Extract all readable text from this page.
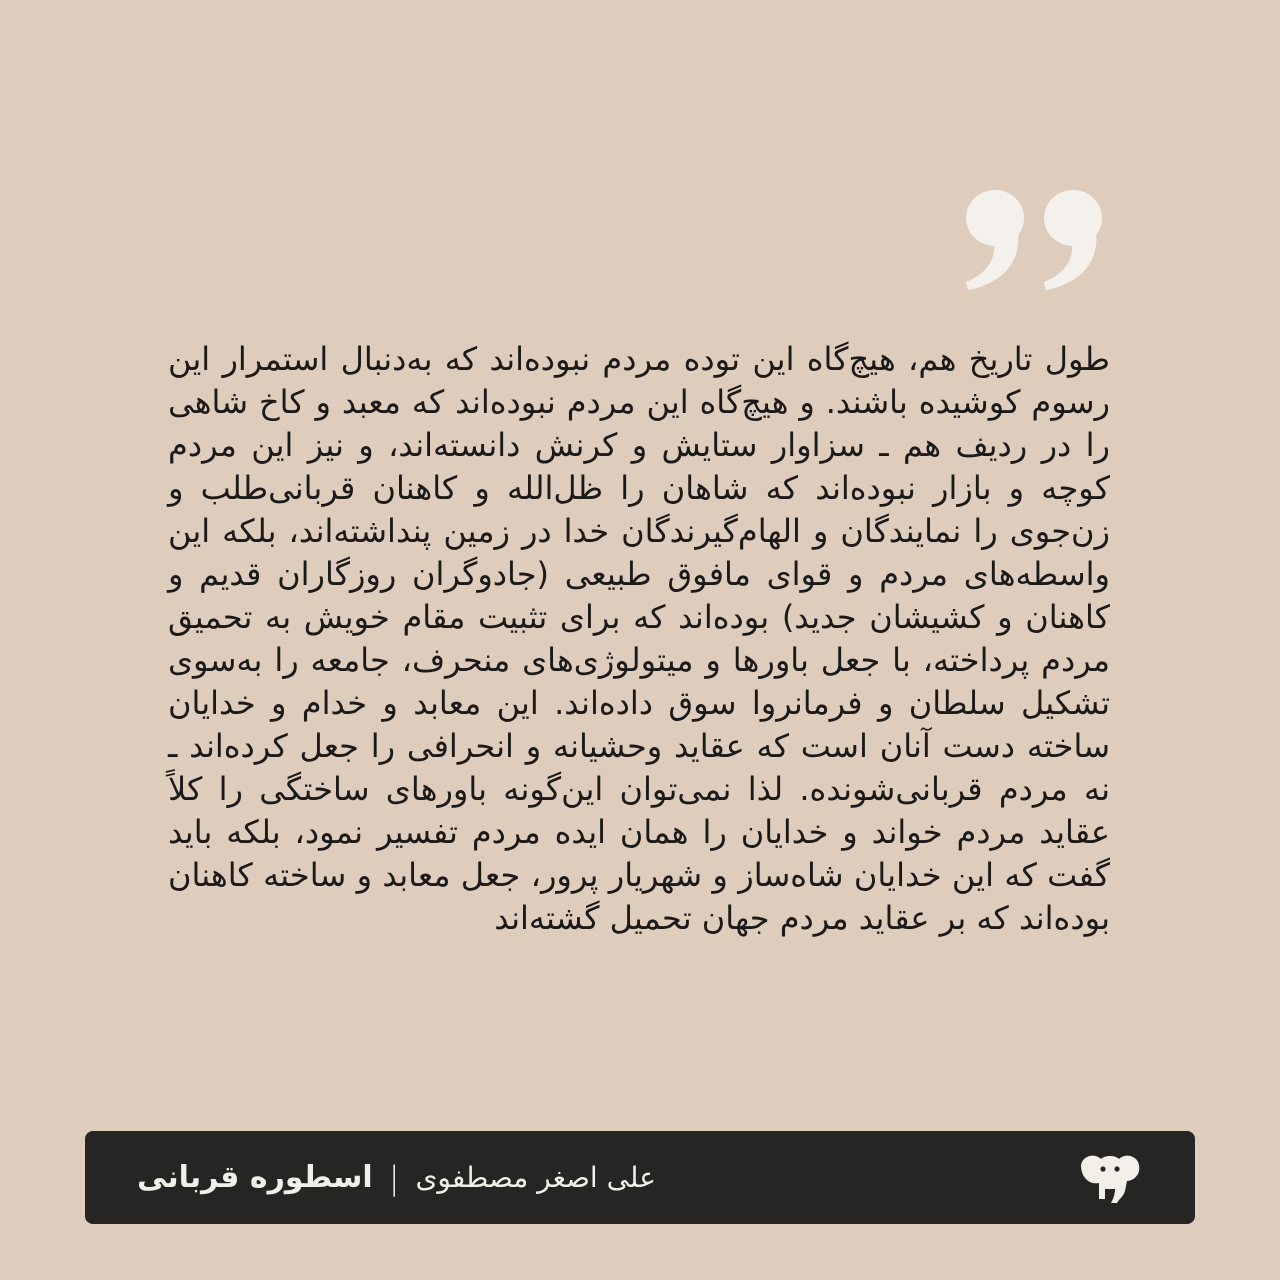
طول تاریخ هم، هیچ‌گاه این توده مردم نبوده‌اند که به‌دنبال استمرار این رسوم کوشیده باشند. و هیچ‌گاه این مردم نبوده‌اند که معبد و کاخ شاهی را در ردیف هم ـ سزاوار ستایش و کرنش دانسته‌اند، و نیز این مردم کوچه و بازار نبوده‌اند که شاهان را ظل‌الله و کاهنان قربانی‌طلب و زن‌جوی را نمایندگان و الهام‌گیرندگان خدا در زمین پنداشته‌اند، بلکه این واسطه‌های مردم و قوای مافوق طبیعی (جادوگران روزگاران قدیم و کاهنان و کشیشان جدید) بوده‌اند که برای تثبیت مقام خویش به تحمیق مردم پرداخته، با جعل باورها و میتولوژی‌های منحرف، جامعه را به‌سوی تشکیل سلطان و فرمانروا سوق داده‌اند. این معابد و خدام و خدایان ساخته دست آنان است که عقاید وحشیانه و انحرافی را جعل کرده‌اند ـ نه مردم قربانی‌شونده. لذا نمی‌توان این‌گونه باورهای ساختگی را کلاً عقاید مردم خواند و خدایان را همان ایده مردم تفسیر نمود، بلکه باید گفت که این خدایان شاه‌ساز و شهریار پرور، جعل معابد و ساخته کاهنان بوده‌اند که بر عقاید مردم جهان تحمیل گشته‌اند
اسطوره قربانی | علی اصغر مصطفوی
